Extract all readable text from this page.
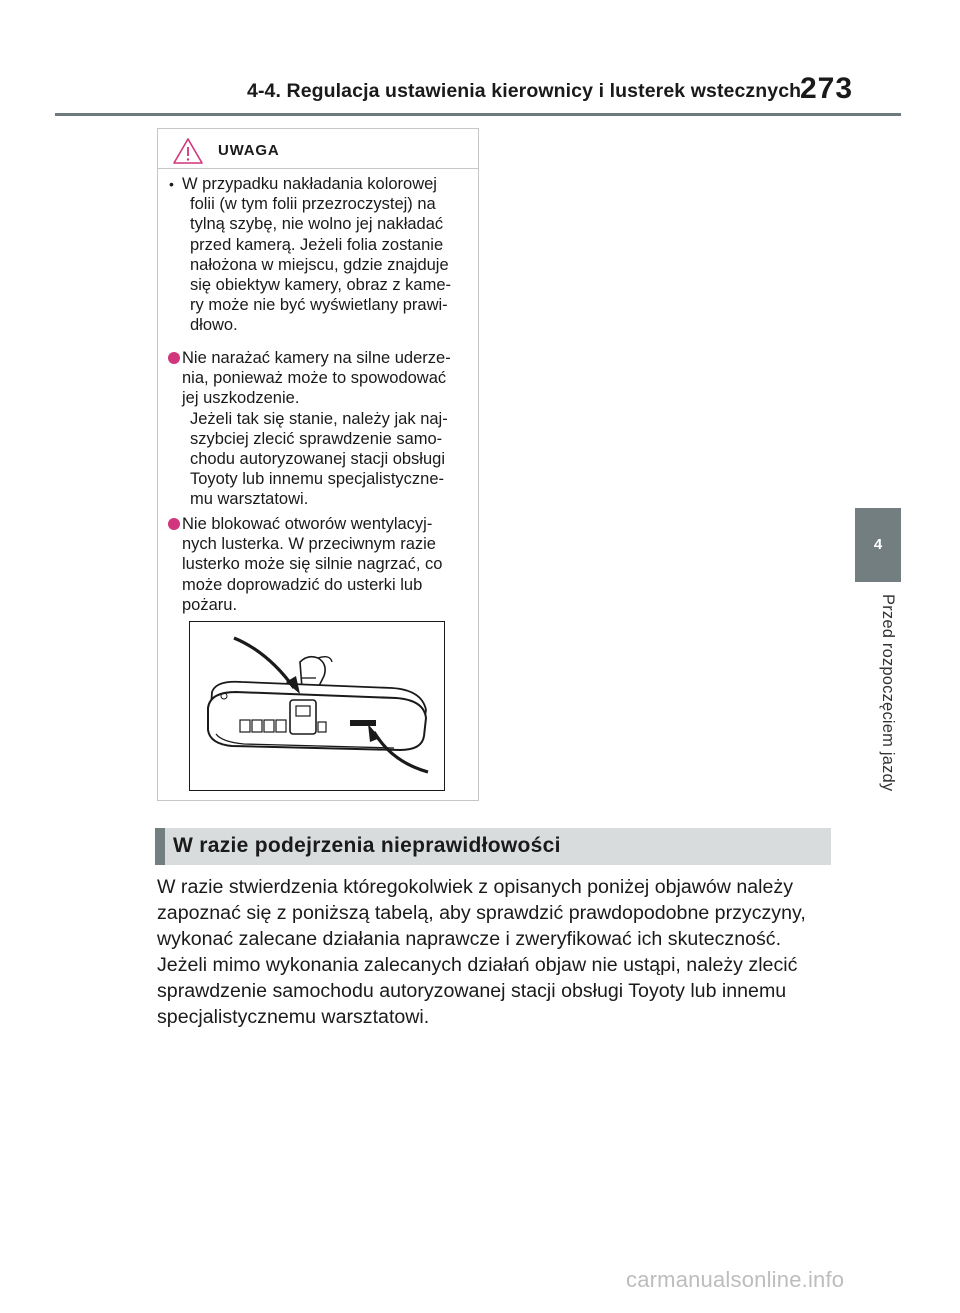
4-4. Regulacja ustawienia kierownicy i lusterek wstecznych
273
4
Przed rozpoczęciem jazdy
UWAGA
• W przypadku nakładania kolorowej
folii (w tym folii przezroczystej) na
tylną szybę, nie wolno jej nakładać
przed kamerą. Jeżeli folia zostanie
nałożona w miejscu, gdzie znajduje
się obiektyw kamery, obraz z kame-
ry może nie być wyświetlany prawi-
dłowo.
Nie narażać kamery na silne uderze-
nia, ponieważ może to spowodować
jej uszkodzenie.
Jeżeli tak się stanie, należy jak naj-
szybciej zlecić sprawdzenie samo-
chodu autoryzowanej stacji obsługi
Toyoty lub innemu specjalistyczne-
mu warsztatowi.
Nie blokować otworów wentylacyj-
nych lusterka. W przeciwnym razie
lusterko może się silnie nagrzać, co
może doprowadzić do usterki lub
pożaru.
W razie podejrzenia nieprawidłowości
W razie stwierdzenia któregokolwiek z opisanych poniżej objawów należy
zapoznać się z poniższą tabelą, aby sprawdzić prawdopodobne przyczyny,
wykonać zalecane działania naprawcze i zweryfikować ich skuteczność.
Jeżeli mimo wykonania zalecanych działań objaw nie ustąpi, należy zlecić
sprawdzenie samochodu autoryzowanej stacji obsługi Toyoty lub innemu
specjalistycznemu warsztatowi.
carmanualsonline.info
